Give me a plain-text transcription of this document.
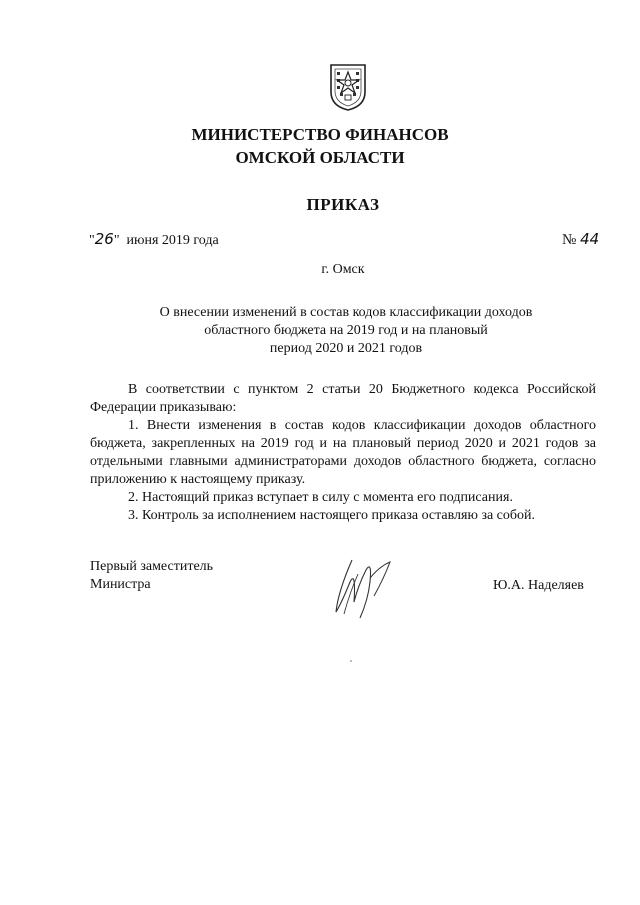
МИНИСТЕРСТВО ФИНАНСОВ
ОМСКОЙ ОБЛАСТИ
ПРИКАЗ
"26" июня 2019 года	№ 44
г. Омск
О внесении изменений в состав кодов классификации доходов
областного бюджета на 2019 год и на плановый
период 2020 и 2021 годов

В соответствии с пунктом 2 статьи 20 Бюджетного кодекса Российской Федерации приказываю:

1. Внести изменения в состав кодов классификации доходов областного бюджета, закрепленных на 2019 год и на плановый период 2020 и 2021 годов за отдельными главными администраторами доходов областного бюджета, согласно приложению к настоящему приказу.

2. Настоящий приказ вступает в силу с момента его подписания.

3. Контроль за исполнением настоящего приказа оставляю за собой.

Первый заместитель
Министра	Ю.А. Наделяев
